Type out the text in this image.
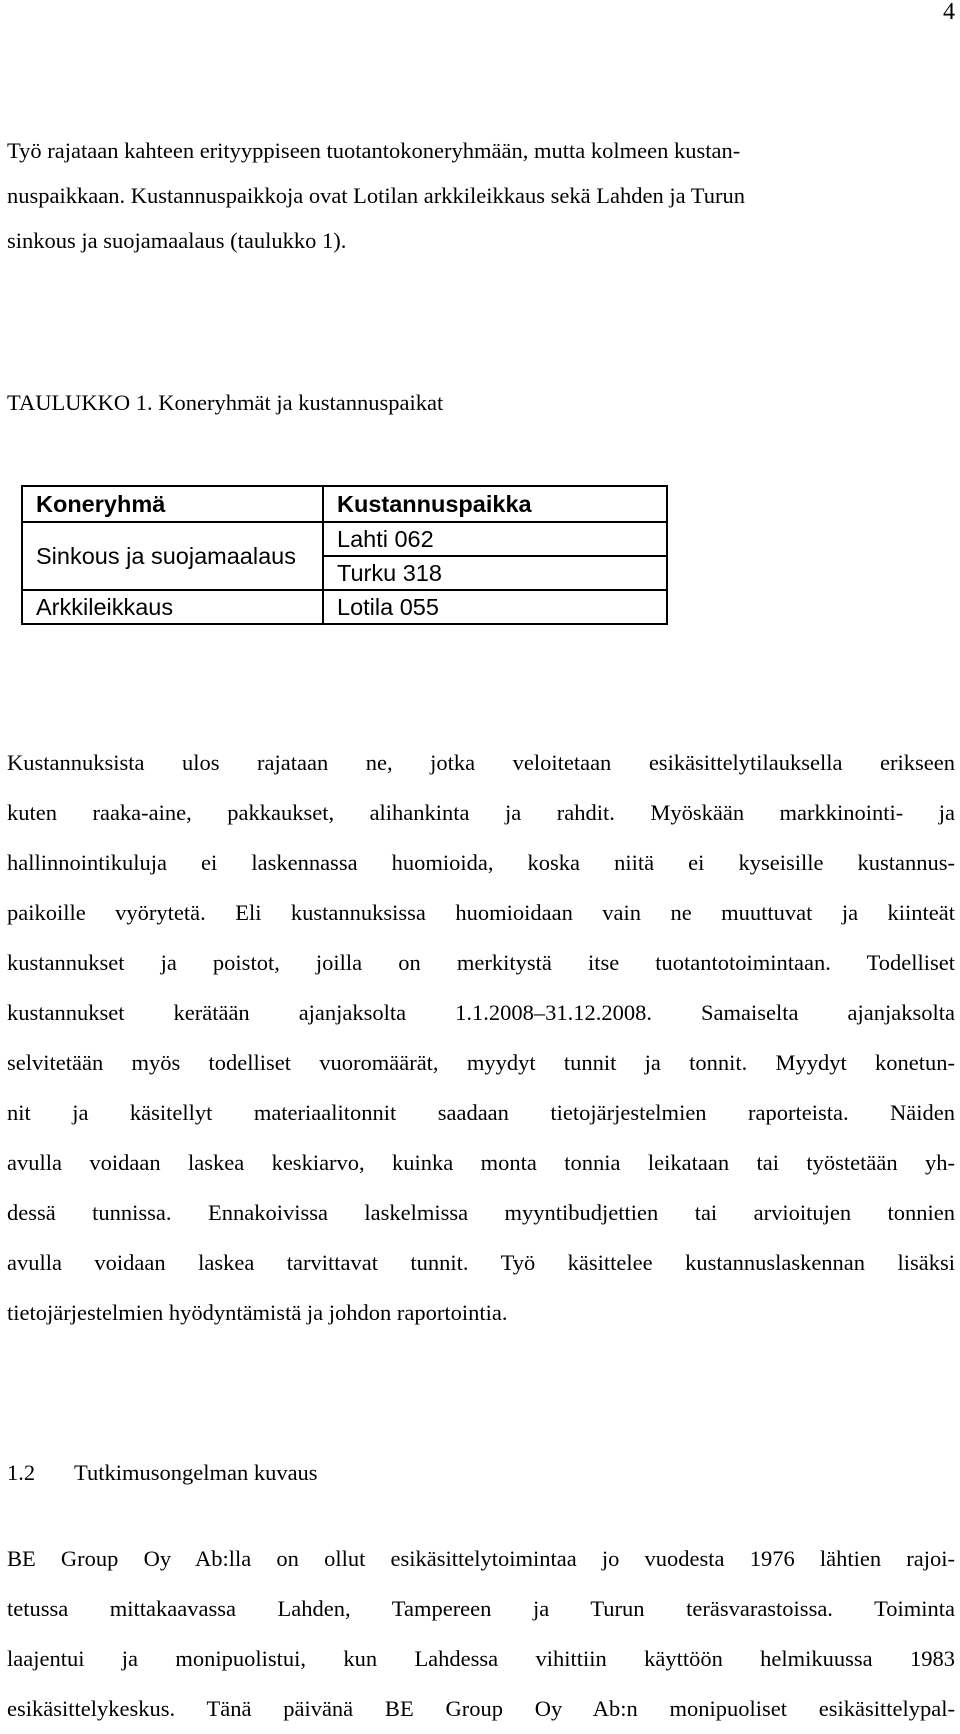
4
Työ rajataan kahteen erityyppiseen tuotantokoneryhmään, mutta kolmeen kustan-
nuspaikkaan. Kustannuspaikkoja ovat Lotilan arkkileikkaus sekä Lahden ja Turun
sinkous ja suojamaalaus (taulukko 1).
TAULUKKO 1. Koneryhmät ja kustannuspaikat
Koneryhmä	Kustannuspaikka
Sinkous ja suojamaalaus	Lahti 062
	Turku 318
Arkkileikkaus	Lotila 055
Kustannuksista ulos rajataan ne, jotka veloitetaan esikäsittelytilauksella erikseen
kuten raaka-aine, pakkaukset, alihankinta ja rahdit. Myöskään markkinointi- ja
hallinnointikuluja ei laskennassa huomioida, koska niitä ei kyseisille kustannus-
paikoille vyörytetä. Eli kustannuksissa huomioidaan vain ne muuttuvat ja kiinteät
kustannukset ja poistot, joilla on merkitystä itse tuotantotoimintaan. Todelliset
kustannukset kerätään ajanjaksolta 1.1.2008–31.12.2008. Samaiselta ajanjaksolta
selvitetään myös todelliset vuoromäärät, myydyt tunnit ja tonnit. Myydyt konetun-
nit ja käsitellyt materiaalitonnit saadaan tietojärjestelmien raporteista. Näiden
avulla voidaan laskea keskiarvo, kuinka monta tonnia leikataan tai työstetään yh-
dessä tunnissa. Ennakoivissa laskelmissa myyntibudjettien tai arvioitujen tonnien
avulla voidaan laskea tarvittavat tunnit. Työ käsittelee kustannuslaskennan lisäksi
tietojärjestelmien hyödyntämistä ja johdon raportointia.
1.2 Tutkimusongelman kuvaus
BE Group Oy Ab:lla on ollut esikäsittelytoimintaa jo vuodesta 1976 lähtien rajoi-
tetussa mittakaavassa Lahden, Tampereen ja Turun teräsvarastoissa. Toiminta
laajentui ja monipuolistui, kun Lahdessa vihittiin käyttöön helmikuussa 1983
esikäsittelykeskus. Tänä päivänä BE Group Oy Ab:n monipuoliset esikäsittelypal-
